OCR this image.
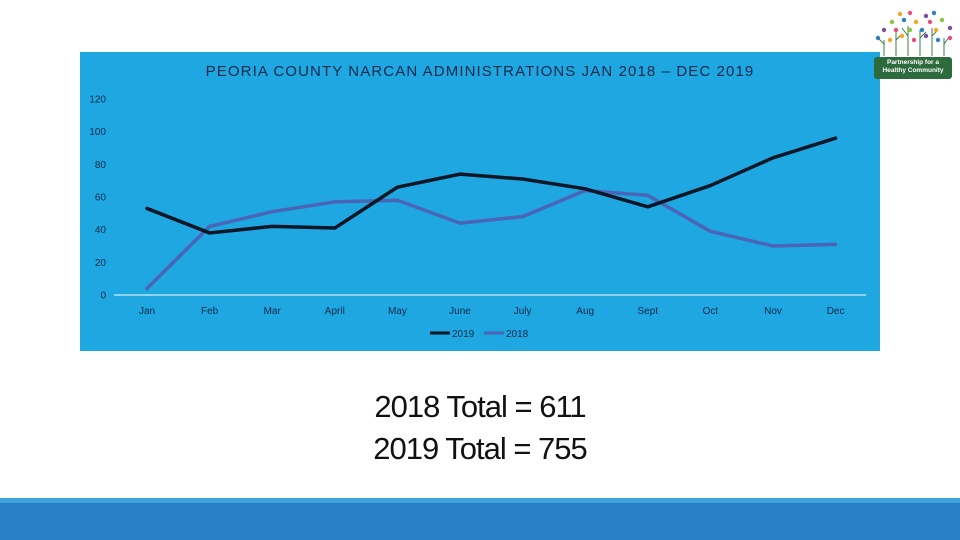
PEORIA COUNTY NARCAN ADMINISTRATIONS JAN 2018 – DEC 2019
0
20
40
60
80
100
120
Jan	Feb	Mar	April	May	June	July	Aug	Sept	Oct	Nov	Dec
2019	2018
Partnership for a
Healthy Community
2018 Total = 611
2019 Total = 755
